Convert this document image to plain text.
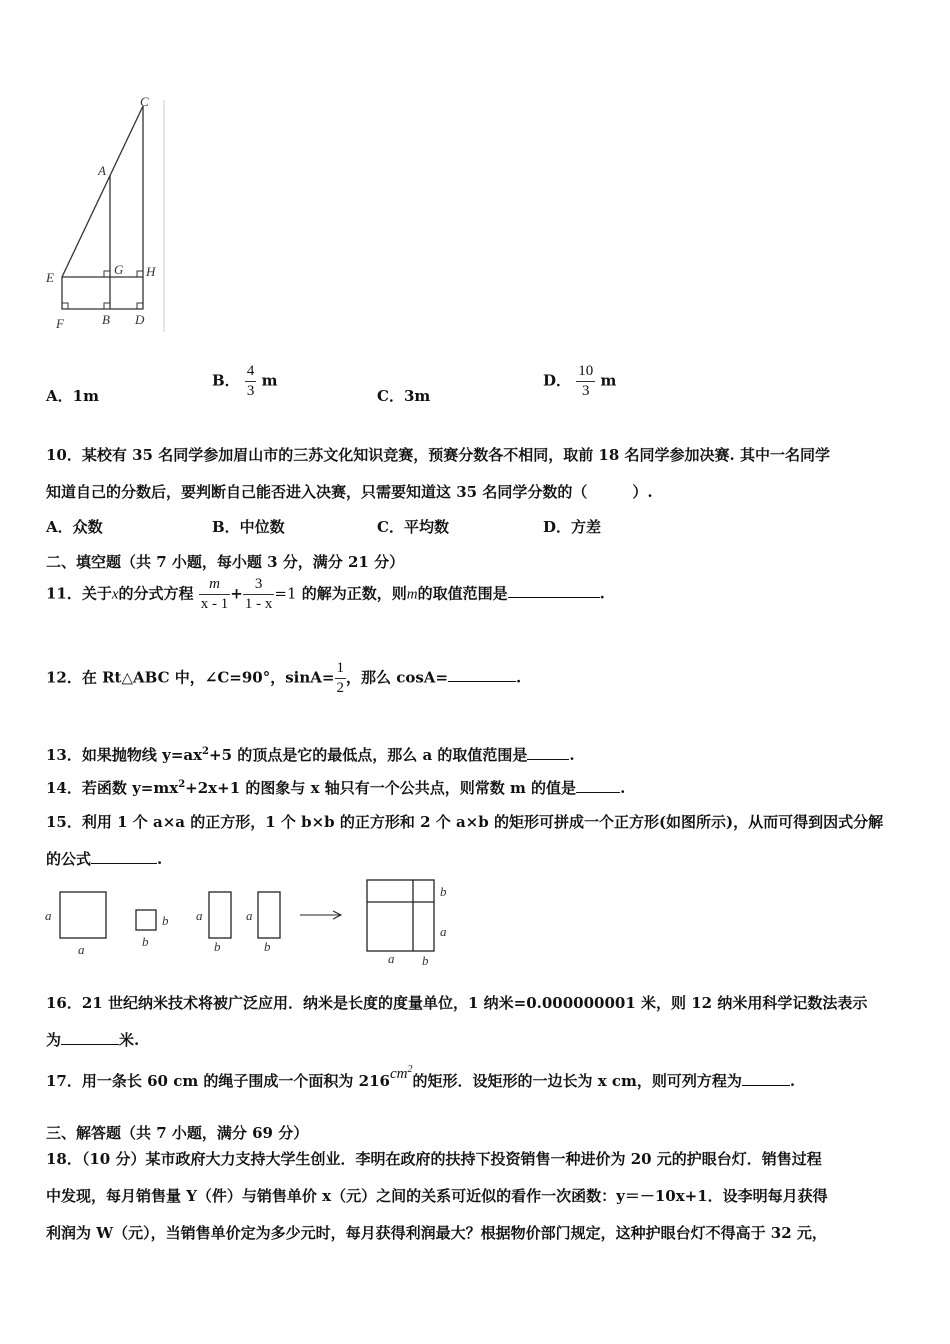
C
A
E
G H
F	B D
A．1m
B． $\frac{4}{3}$ m
C．3m
D． $\frac{10}{3}$ m
10．某校有 35 名同学参加眉山市的三苏文化知识竞赛，预赛分数各不相同，取前 18 名同学参加决赛. 其中一名同学
知道自己的分数后，要判断自己能否进入决赛，只需要知道这 35 名同学分数的（　　　）.
A．众数	B．中位数	C．平均数	D．方差
二、填空题（共 7 小题，每小题 3 分，满分 21 分）
11．关于x的分式方程 $\frac{m}{x - 1} + \frac{3}{1 - x} =1$ 的解为正数，则m的取值范围是	.
12．在 Rt△ABC 中，∠C=90°，$\sin A= \frac{1}{2}$ ，那么 cosA=	.
13．如果抛物线 $y=ax^2+5$ 的顶点是它的最低点，那么 a 的取值范围是	.
14．若函数 $y=mx^2+2x+1$ 的图象与 x 轴只有一个公共点，则常数 m 的值是	.
15．利用 1 个 a×a 的正方形，1 个 b×b 的正方形和 2 个 a×b 的矩形可拼成一个正方形(如图所示)，从而可得到因式分解
的公式	.
a
a
b
b
a
b
a
b
b
a
a b
16．21 世纪纳米技术将被广泛应用．纳米是长度的度量单位，1 纳米=0.000000001 米，则 12 纳米用科学记数法表示
为	米.
17．用一条长 60 cm 的绳子围成一个面积为 $216cm^2$的矩形．设矩形的一边长为 x cm，则可列方程为	.
三、解答题（共 7 小题，满分 69 分）
18．（10 分）某市政府大力支持大学生创业．李明在政府的扶持下投资销售一种进价为 20 元的护眼台灯．销售过程
中发现，每月销售量 Y（件）与销售单价 x（元）之间的关系可近似的看作一次函数：y＝－10x+1．设李明每月获得
利润为 W（元），当销售单价定为多少元时，每月获得利润最大？根据物价部门规定，这种护眼台灯不得高于 32 元，
